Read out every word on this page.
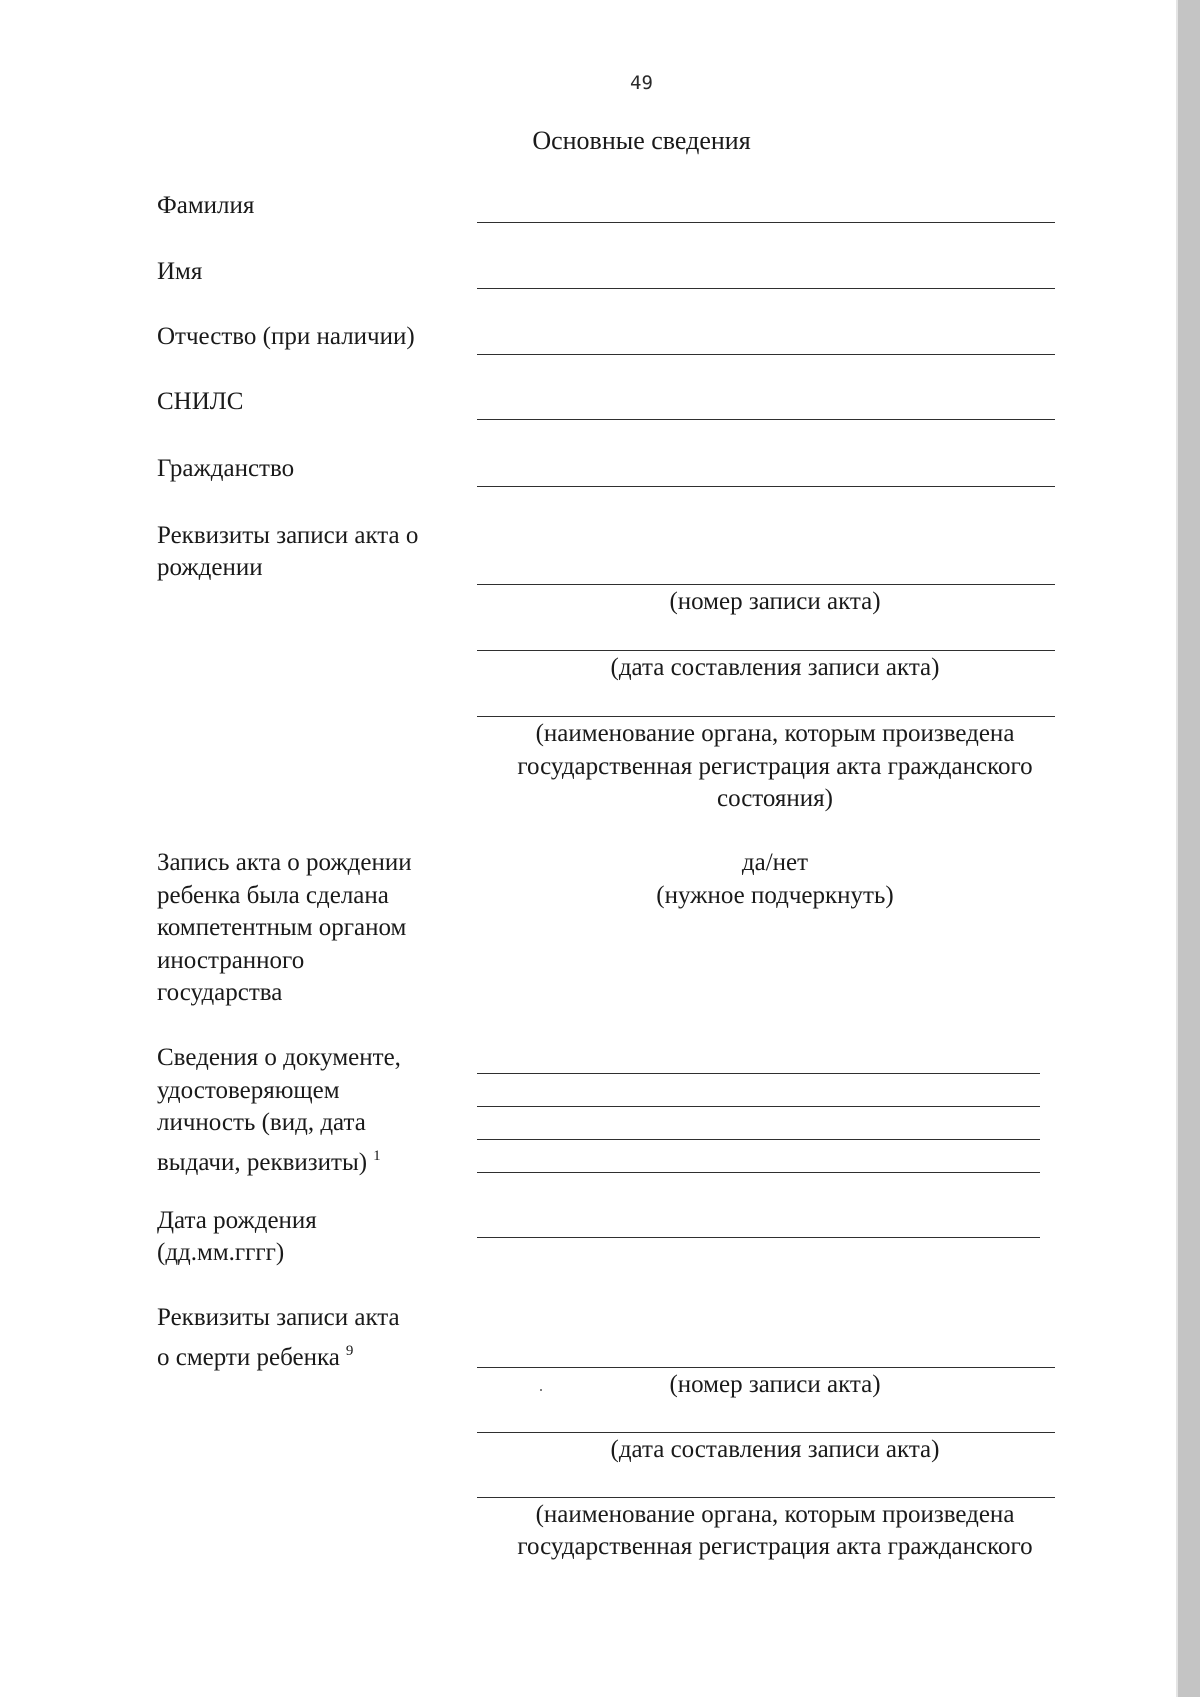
49
Основные сведения
Фамилия
Имя
Отчество (при наличии)
СНИЛС
Гражданство
Реквизиты записи акта о
рождении
(номер записи акта)
(дата составления записи акта)
(наименование органа, которым произведена
государственная регистрация акта гражданского
состояния)
Запись акта о рождении
ребенка была сделана
компетентным органом
иностранного
государства
да/нет
(нужное подчеркнуть)
Сведения о документе,
удостоверяющем
личность (вид, дата
выдачи, реквизиты) $^1$
Дата рождения
(дд.мм.гггг)
Реквизиты записи акта
о смерти ребенка $^9$
(номер записи акта)
(дата составления записи акта)
(наименование органа, которым произведена
государственная регистрация акта гражданского
